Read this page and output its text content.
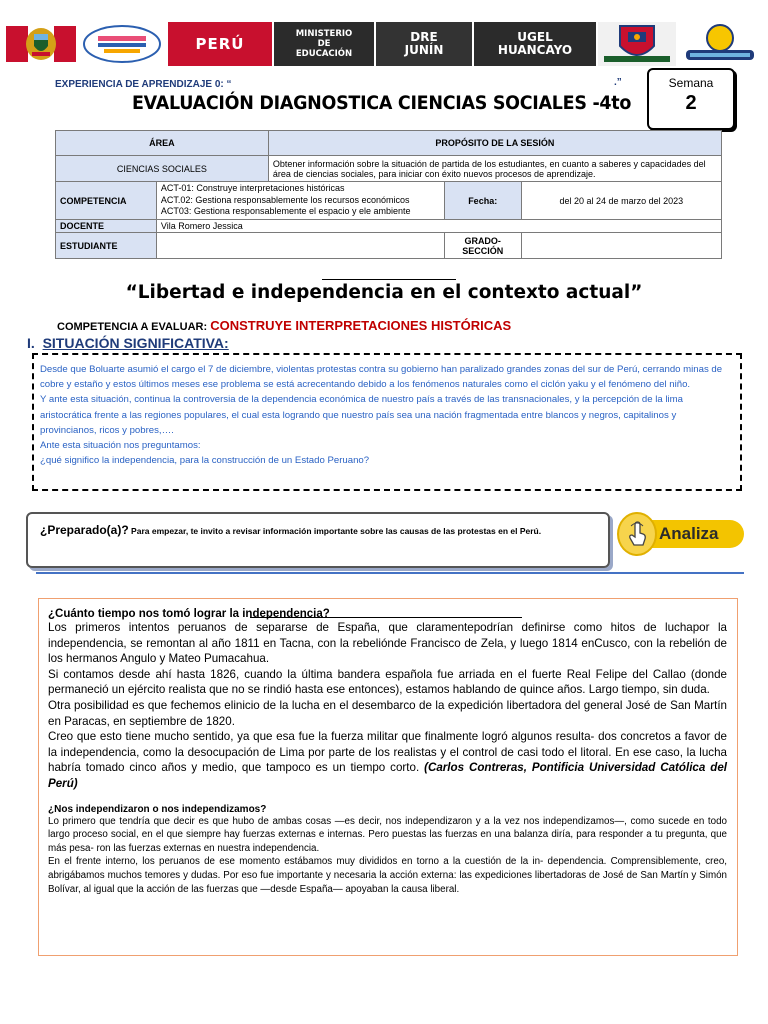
PERÚ
MINISTERIO
DE
EDUCACIÓN
DRE
JUNÍN
UGEL
HUANCAYO
EXPERIENCIA DE APRENDIZAJE 0: “	.”
EVALUACIÓN DIAGNOSTICA CIENCIAS SOCIALES -4to
Semana
2
ÁREA		PROPÓSITO DE LA SESIÓN		
CIENCIAS SOCIALES		Obtener información sobre la situación de partida de los estudiantes, en cuanto a saberes y capacidades del área de ciencias sociales, para iniciar con éxito nuevos procesos de aprendizaje.		
COMPETENCIA	ACT-01: Construye interpretaciones históricas
ACT.02: Gestiona responsablemente los recursos económicos
ACT03: Gestiona responsablemente el espacio y ele ambiente		Fecha:	del 20 al 24 de marzo del 2023
DOCENTE	Vila Romero Jessica			
ESTUDIANTE			GRADO-SECCIÓN	
“Libertad e independencia en el contexto actual”
COMPETENCIA A EVALUAR: CONSTRUYE INTERPRETACIONES HISTÓRICAS
I. SITUACIÓN SIGNIFICATIVA:

Desde que Boluarte asumió el cargo el 7 de diciembre, violentas protestas contra su gobierno han paralizado grandes zonas del sur de Perú, cerrando minas de cobre y estaño y estos últimos meses ese problema se está acrecentando debido a los fenómenos naturales como el ciclón yaku y el fenómeno del niño.

Y ante esta situación, continua la controversia de la dependencia económica de nuestro país a través de las transnacionales, y la percepción de la lima aristocrática frente a las regiones populares, el cual esta logrando que nuestro país sea una nación fragmentada entre blancos y negros, capitalinos y provincianos, ricos y pobres,….

Ante esta situación nos preguntamos:

¿qué significo la independencia, para la construcción de un Estado Peruano?

¿Preparado(a)? Para empezar, te invito a revisar información importante sobre las causas de las protestas en el Perú.	Analiza

¿Cuánto tiempo nos tomó lograr la independencia?

Los primeros intentos peruanos de separarse de España, que claramentepodrían definirse como hitos de luchapor la independencia, se remontan al año 1811 en Tacna, con la rebeliónde Francisco de Zela, y luego 1814 enCusco, con la rebelión de los hermanos Angulo y Mateo Pumacahua.

Si contamos desde ahí hasta 1826, cuando la última bandera española fue arriada en el fuerte Real Felipe del Callao (donde permaneció un ejército realista que no se rindió hasta ese entonces), estamos hablando de quince años. Largo tiempo, sin duda.

Otra posibilidad es que fechemos elinicio de la lucha en el desembarco de la expedición libertadora del general José de San Martín en Paracas, en septiembre de 1820.

Creo que esto tiene mucho sentido, ya que esa fue la fuerza militar que finalmente logró algunos resulta- dos concretos a favor de la independencia, como la desocupación de Lima por parte de los realistas y el control de casi todo el litoral. En ese caso, la lucha habría tomado cinco años y medio, que tampoco es un tiempo corto. (Carlos Contreras, Pontificia Universidad Católica del Perú)

¿Nos independizaron o nos independizamos?

Lo primero que tendría que decir es que hubo de ambas cosas —es decir, nos independizaron y a la vez nos independizamos—, como sucede en todo largo proceso social, en el que siempre hay fuerzas externas e internas. Pero puestas las fuerzas en una balanza diría, para responder a tu pregunta, que más pesa- ron las fuerzas externas en nuestra independencia.

En el frente interno, los peruanos de ese momento estábamos muy divididos en torno a la cuestión de la in- dependencia. Comprensiblemente, creo, abrigábamos muchos temores y dudas. Por eso fue importante y necesaria la acción externa: las expediciones libertadoras de José de San Martín y Simón Bolívar, al igual que la acción de las fuerzas que —desde España— apoyaban la causa liberal.
